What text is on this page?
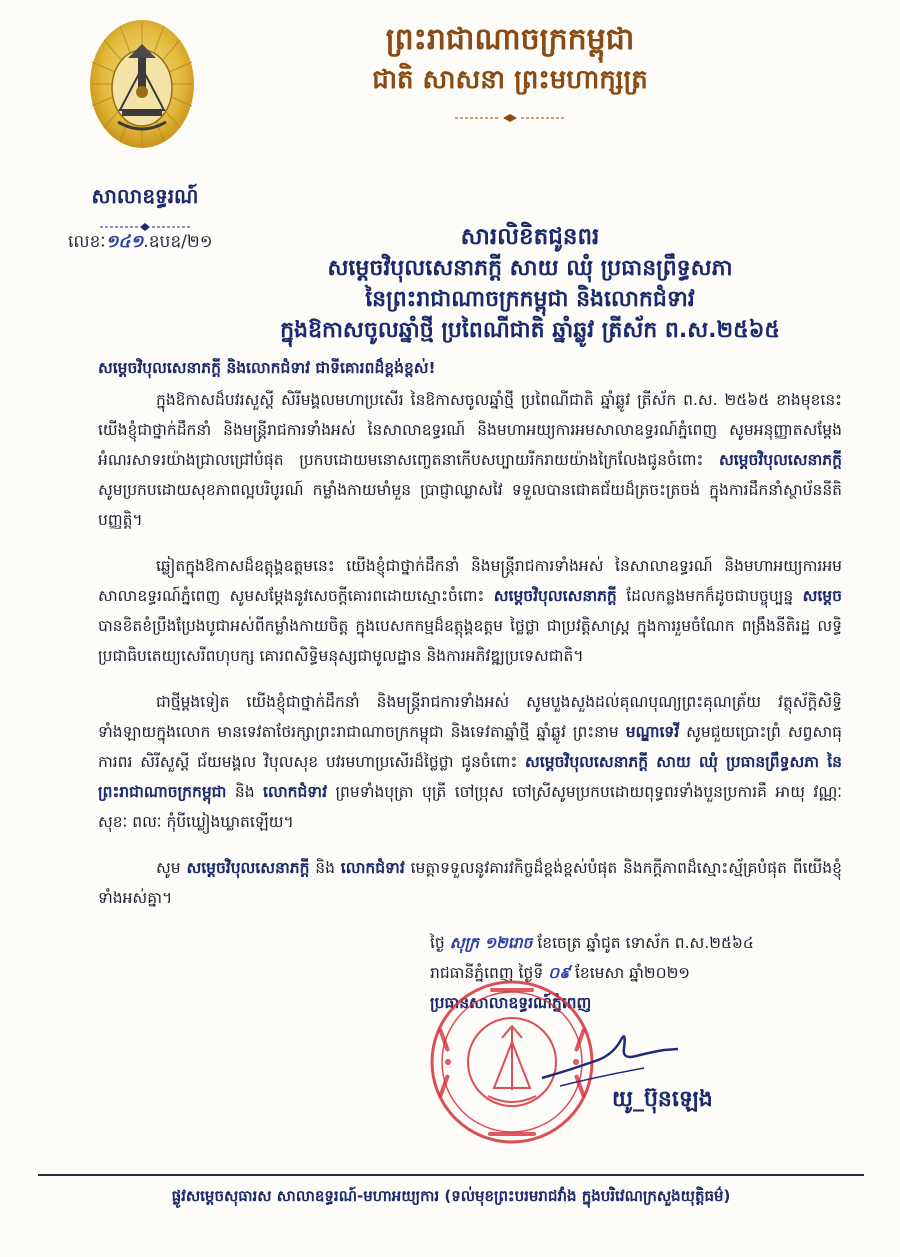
ព្រះរាជាណាចក្រកម្ពុជា
ជាតិ សាសនា ព្រះមហាក្សត្រ
សាលាឧទ្ធរណ៍
លេខៈ១៤១.ឧបឧ/២១	សារលិខិតជូនពរ
សម្តេចវិបុលសេនាភក្តី សាយ ឈុំ ប្រធានព្រឹទ្ធសភា
នៃព្រះរាជាណាចក្រកម្ពុជា និងលោកជំទាវ
ក្នុងឱកាសចូលឆ្នាំថ្មី ប្រពៃណីជាតិ ឆ្នាំឆ្លូវ ត្រីស័ក ព.ស.២៥៦៥

សម្តេចវិបុលសេនាភក្តី និងលោកជំទាវ ជាទីគោរពដ៏ខ្ពង់ខ្ពស់!

ក្នុងឱកាសដ៏បវរសួស្តី សិរីមង្គលមហាប្រសើរ នៃឱកាសចូលឆ្នាំថ្មី ប្រពៃណីជាតិ ឆ្នាំឆ្លូវ ត្រីស័ក ព.ស. ២៥៦៥ ខាងមុខនេះ យើងខ្ញុំជាថ្នាក់ដឹកនាំ និងមន្ត្រីរាជការទាំងអស់ នៃសាលាឧទ្ធរណ៍ និងមហាអយ្យការអមសាលាឧទ្ធរណ៍ភ្នំពេញ សូមអនុញ្ញាតសម្តែងអំណរសាទរយ៉ាងជ្រាលជ្រៅបំផុត ប្រកបដោយមនោសញ្ចេតនាកើបសប្បាយរីករាយយ៉ាងក្រៃលែងជូនចំពោះ សម្តេចវិបុលសេនាភក្តី សូមប្រកបដោយសុខភាពល្អបរិបូរណ៍ កម្លាំងកាយមាំមួន ប្រាជ្ញាឈ្លាសវៃ ទទួលបានជោគជ័យដ៏ត្រចះត្រចង់ ក្នុងការដឹកនាំស្ថាប័ននីតិបញ្ញត្តិ។

ឆ្លៀតក្នុងឱកាសដ៏ឧត្តុង្គឧត្តមនេះ យើងខ្ញុំជាថ្នាក់ដឹកនាំ និងមន្ត្រីរាជការទាំងអស់ នៃសាលាឧទ្ធរណ៍ និងមហាអយ្យការអមសាលាឧទ្ធរណ៍ភ្នំពេញ សូមសម្តែងនូវសេចក្តីគោរពដោយស្មោះចំពោះ សម្តេចវិបុលសេនាភក្តី ដែលកន្លងមកក៏ដូចជាបច្ចុប្បន្ន សម្តេច បានខិតខំប្រឹងប្រែងបូជាអស់ពីកម្លាំងកាយចិត្ត ក្នុងបេសកកម្មដ៏ឧត្តុង្គឧត្តម ថ្លៃថ្លា ជាប្រវត្តិសាស្ត្រ ក្នុងការរួមចំណែក ពង្រឹងនីតិរដ្ឋ លទ្ធិប្រជាធិបតេយ្យសេរីពហុបក្ស គោរពសិទ្ធិមនុស្សជាមូលដ្ឋាន និងការអភិវឌ្ឍប្រទេសជាតិ។

ជាថ្មីម្តងទៀត យើងខ្ញុំជាថ្នាក់ដឹកនាំ និងមន្ត្រីរាជការទាំងអស់ សូមបួងសួងដល់គុណបុណ្យព្រះគុណត្រ័យ វត្ថុស័ក្តិសិទ្ធិទាំងឡាយក្នុងលោក មានទេវតាថែរក្សាព្រះរាជាណាចក្រកម្ពុជា និងទេវតាឆ្នាំថ្មី ឆ្នាំឆ្លូវ ព្រះនាម មណ្ឌាទេវី សូមជួយប្រោះព្រំ សព្វសាធុការពរ សិរីសួស្តី ជ័យមង្គល វិបុលសុខ បវរមហាប្រសើរដ៏ថ្លៃថ្លា ជូនចំពោះ សម្តេចវិបុលសេនាភក្តី សាយ ឈុំ ប្រធានព្រឹទ្ធសភា នៃព្រះរាជាណាចក្រកម្ពុជា និង លោកជំទាវ ព្រមទាំងបុត្រា បុត្រី ចៅប្រុស ចៅស្រីសូមប្រកបដោយពុទ្ធពរទាំងបួនប្រការគឺ អាយុ វណ្ណៈ សុខៈ ពលៈ កុំបីឃ្លៀងឃ្លាតឡើយ។

សូម សម្តេចវិបុលសេនាភក្តី និង លោកជំទាវ មេត្តាទទួលនូវគារវកិច្ចដ៏ខ្ពង់ខ្ពស់បំផុត និងកក្តីភាពដ៏ស្មោះស្ម័គ្របំផុត ពីយើងខ្ញុំទាំងអស់គ្នា។

ថ្ងៃ សុក្រ ១២រោច ខែចេត្រ ឆ្នាំជូត ទោស័ក ព.ស.២៥៦៤
រាជធានីភ្នំពេញ ថ្ងៃទី ០៩ ខែមេសា ឆ្នាំ២០២១
ប្រធានសាលាឧទ្ធរណ៍ភ្នំពេញ
យូ_ប៊ុនឡេង
ផ្លូវសម្តេចសុធារស សាលាឧទ្ធរណ៍-មហាអយ្យការ (ទល់មុខព្រះបរមរាជវាំង ក្នុងបរិវេណក្រសួងយុត្តិធម៌)
